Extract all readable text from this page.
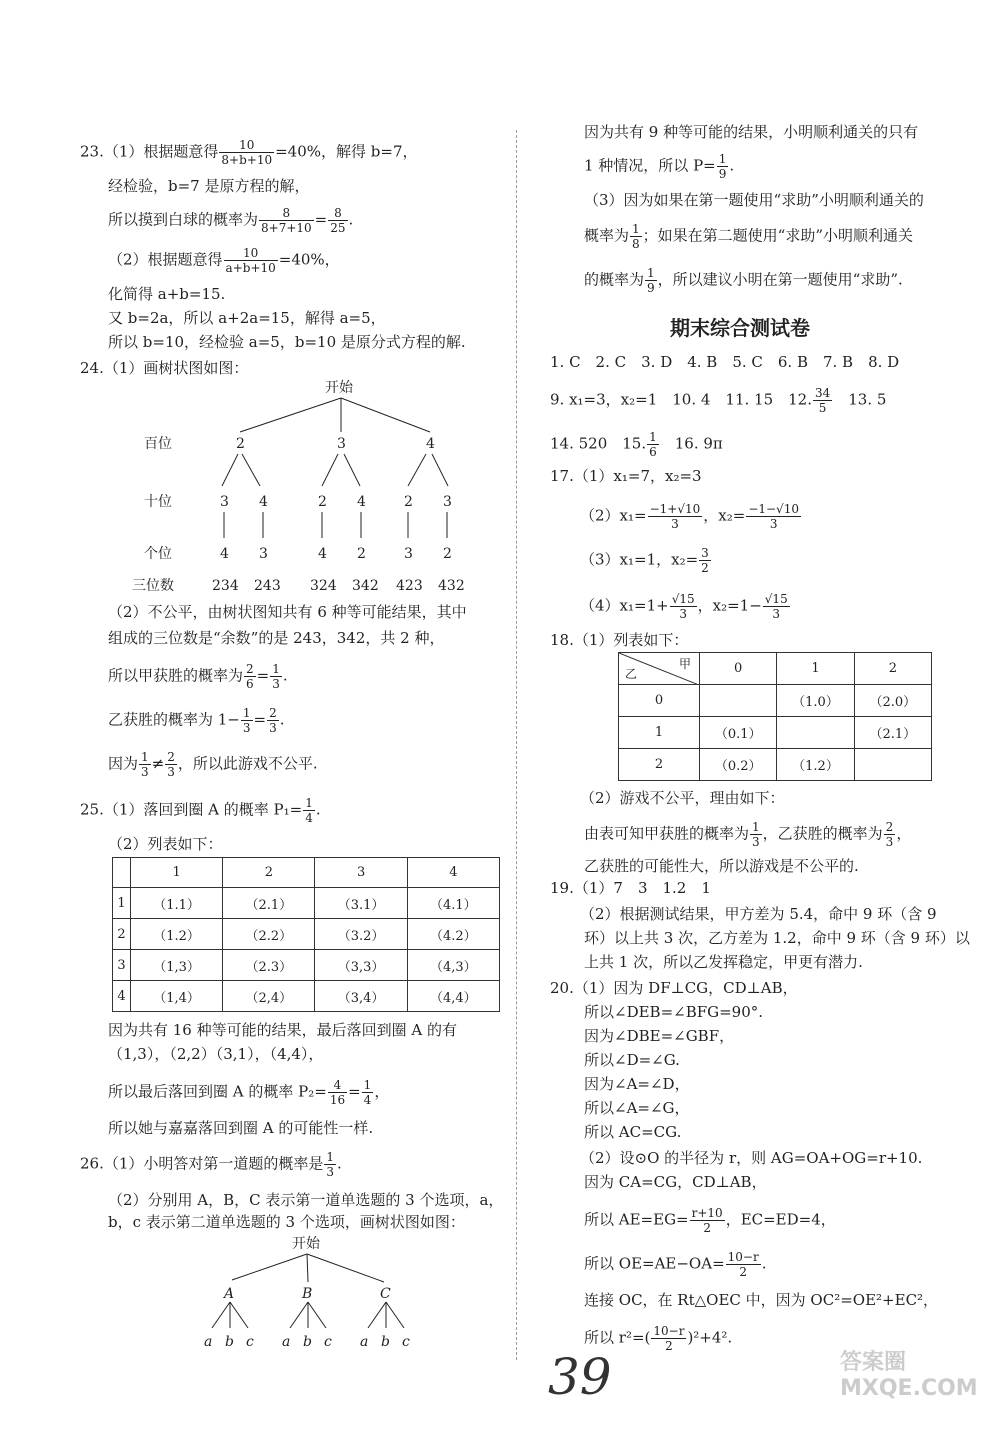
23.（1）根据题意得 $\frac{10}{8+b+10} =40\%$，解得 b=7，
经检验，b=7 是原方程的解，
所以摸到白球的概率为 $\frac{8}{8+7+10} = \frac{8}{25}$ .
（2）根据题意得 $\frac{10}{a+b+10} =40\%$，
化简得 a+b=15.
又 b=2a，所以 a+2a=15，解得 a=5，
所以 b=10，经检验 a=5，b=10 是原分式方程的解.
24.（1）画树状图如图：
开始
百位
十位
个位
三位数
2	3	4
3 4	2 4	2 3
4 3	4 2	3 2
234 243 324 342 423 432
（2）不公平，由树状图知共有 6 种等可能结果，其中
组成的三位数是“余数”的是 243，342，共 2 种，
所以甲获胜的概率为 $\frac{2}{6} = \frac{1}{3}$ .
乙获胜的概率为 $1- \frac{1}{3} = \frac{2}{3}$ .
因为 $\frac{1}{3} \ne \frac{2}{3}$ ，所以此游戏不公平.
25.（1）落回到圈 A 的概率 $P_1= \frac{1}{4}$ .
（2）列表如下：
	1	2	3	4
1	（1.1）	（2.1）	（3.1）	（4.1）
2	（1.2）	（2.2）	（3.2）	（4.2）
3	（1,3）	（2.3）	（3,3）	（4,3）
4	（1,4）	（2,4）	（3,4）	（4,4）
因为共有 16 种等可能的结果，最后落回到圈 A 的有
（1,3），（2,2）（3,1），（4,4），
所以最后落回到圈 A 的概率 $P_2= \frac{4}{16} = \frac{1}{4}$ ，
所以她与嘉嘉落回到圈 A 的可能性一样.
26.（1）小明答对第一道题的概率是 $\frac{1}{3}$ .
（2）分别用 A，B，C 表示第一道单选题的 3 个选项，a，
b，c 表示第二道单选题的 3 个选项，画树状图如图：
开始
A	B	C
a b c a b c a b c
因为共有 9 种等可能的结果，小明顺利通关的只有
1 种情况，所以 $P= \frac{1}{9}$ .
（3）因为如果在第一题使用“求助”小明顺利通关的
概率为 $\frac{1}{8}$ ；如果在第二题使用“求助”小明顺利通关
的概率为 $\frac{1}{9}$ ，所以建议小明在第一题使用“求助”.
期末综合测试卷
1. C　2. C　3. D　4. B　5. C　6. B　7. B　8. D
9. x₁=3，x₂=1　10. 4　11. 15　12. $\frac{34}{5}$ 　13. 5
14. 520　15. $\frac{1}{6}$ 　16. 9π
17.（1）x₁=7，x₂=3
$(2)x_1= \frac{-1+√10}{3}$ ，$x_2= \frac{-1-√10}{3}$
（3）x₁=1，$x_2= \frac{3}{2}$
$(4)x_1=1+ \frac{√15}{3}$ ，$x_2=1- \frac{√15}{3}$
18.（1）列表如下：
甲
乙	0	1	2
0		（1.0）	（2.0）
1	（0.1）		（2.1）
2	（0.2）	（1.2）	
（2）游戏不公平，理由如下：
由表可知甲获胜的概率为 $\frac{1}{3}$ ，乙获胜的概率为 $\frac{2}{3}$ ，
乙获胜的可能性大，所以游戏是不公平的.
19.（1）7　3　1.2　1
（2）根据测试结果，甲方差为 5.4，命中 9 环（含 9
环）以上共 3 次，乙方差为 1.2，命中 9 环（含 9 环）以
上共 1 次，所以乙发挥稳定，甲更有潜力.
20.（1）因为 DF⊥CG，CD⊥AB，
所以∠DEB=∠BFG=90°.
因为∠DBE=∠GBF，
所以∠D=∠G.
因为∠A=∠D，
所以∠A=∠G，
所以 AC=CG.
（2）设⊙O 的半径为 r，则 AG=OA+OG=r+10.
因为 CA=CG，CD⊥AB，
所以 $AE=EG= \frac{r+10}{2}$ ，EC=ED=4，
所以 $OE=AE-OA= \frac{10-r}{2}$ .
连接 OC，在 Rt△OEC 中，因为 OC²=OE²+EC²，
所以 $r^2=( \frac{10-r}{2} )^2+4^2$.
39	答案圈 MXQE.COM
